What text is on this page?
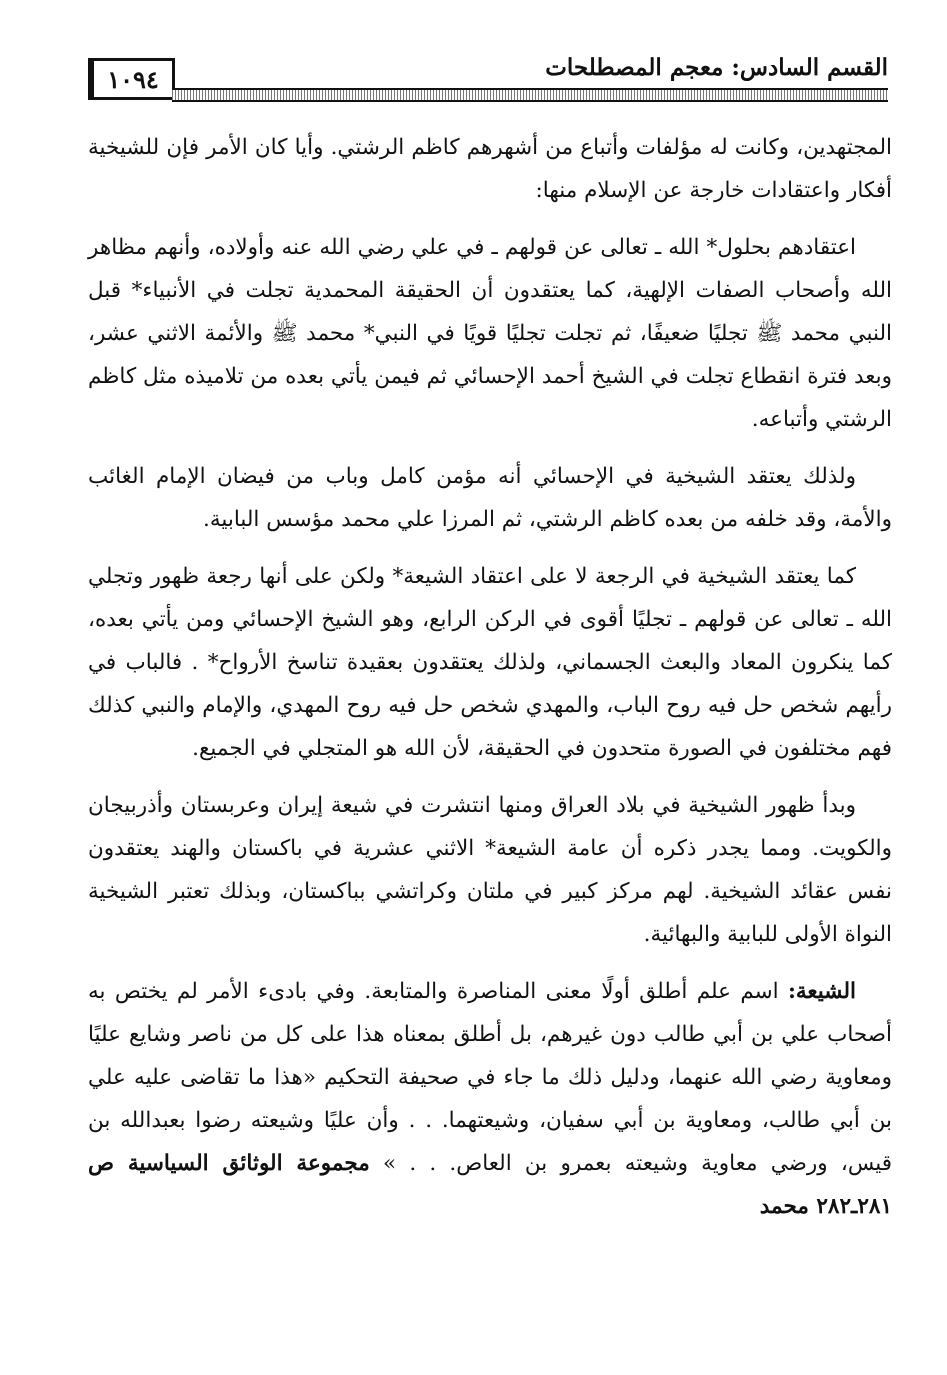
١٠٩٤	القسم السادس: معجم المصطلحات

المجتهدين، وكانت له مؤلفات وأتباع من أشهرهم كاظم الرشتي. وأيا كان الأمر فإن للشيخية أفكار واعتقادات خارجة عن الإسلام منها:

اعتقادهم بحلول* الله ـ تعالى عن قولهم ـ في علي رضي الله عنه وأولاده، وأنهم مظاهر الله وأصحاب الصفات الإلهية، كما يعتقدون أن الحقيقة المحمدية تجلت في الأنبياء* قبل النبي محمد ﷺ تجليًا ضعيفًا، ثم تجلت تجليًا قويًا في النبي* محمد ﷺ والأئمة الاثني عشر، وبعد فترة انقطاع تجلت في الشيخ أحمد الإحسائي ثم فيمن يأتي بعده من تلاميذه مثل كاظم الرشتي وأتباعه.

ولذلك يعتقد الشيخية في الإحسائي أنه مؤمن كامل وباب من فيضان الإمام الغائب والأمة، وقد خلفه من بعده كاظم الرشتي، ثم المرزا علي محمد مؤسس البابية.

كما يعتقد الشيخية في الرجعة لا على اعتقاد الشيعة* ولكن على أنها رجعة ظهور وتجلي الله ـ تعالى عن قولهم ـ تجليًا أقوى في الركن الرابع، وهو الشيخ الإحسائي ومن يأتي بعده، كما ينكرون المعاد والبعث الجسماني، ولذلك يعتقدون بعقيدة تناسخ الأرواح* . فالباب في رأيهم شخص حل فيه روح الباب، والمهدي شخص حل فيه روح المهدي، والإمام والنبي كذلك فهم مختلفون في الصورة متحدون في الحقيقة، لأن الله هو المتجلي في الجميع.

وبدأ ظهور الشيخية في بلاد العراق ومنها انتشرت في شيعة إيران وعربستان وأذربيجان والكويت. ومما يجدر ذكره أن عامة الشيعة* الاثني عشرية في باكستان والهند يعتقدون نفس عقائد الشيخية. لهم مركز كبير في ملتان وكراتشي بباكستان، وبذلك تعتبر الشيخية النواة الأولى للبابية والبهائية.

الشيعة: اسم علم أطلق أولًا معنى المناصرة والمتابعة. وفي بادىء الأمر لم يختص به أصحاب علي بن أبي طالب دون غيرهم، بل أطلق بمعناه هذا على كل من ناصر وشايع عليًا ومعاوية رضي الله عنهما، ودليل ذلك ما جاء في صحيفة التحكيم «هذا ما تقاضى عليه علي بن أبي طالب، ومعاوية بن أبي سفيان، وشيعتهما. . . وأن عليًا وشيعته رضوا بعبدالله بن قيس، ورضي معاوية وشيعته بعمرو بن العاص. . . » مجموعة الوثائق السياسية ص ٢٨١ـ٢٨٢ محمد
